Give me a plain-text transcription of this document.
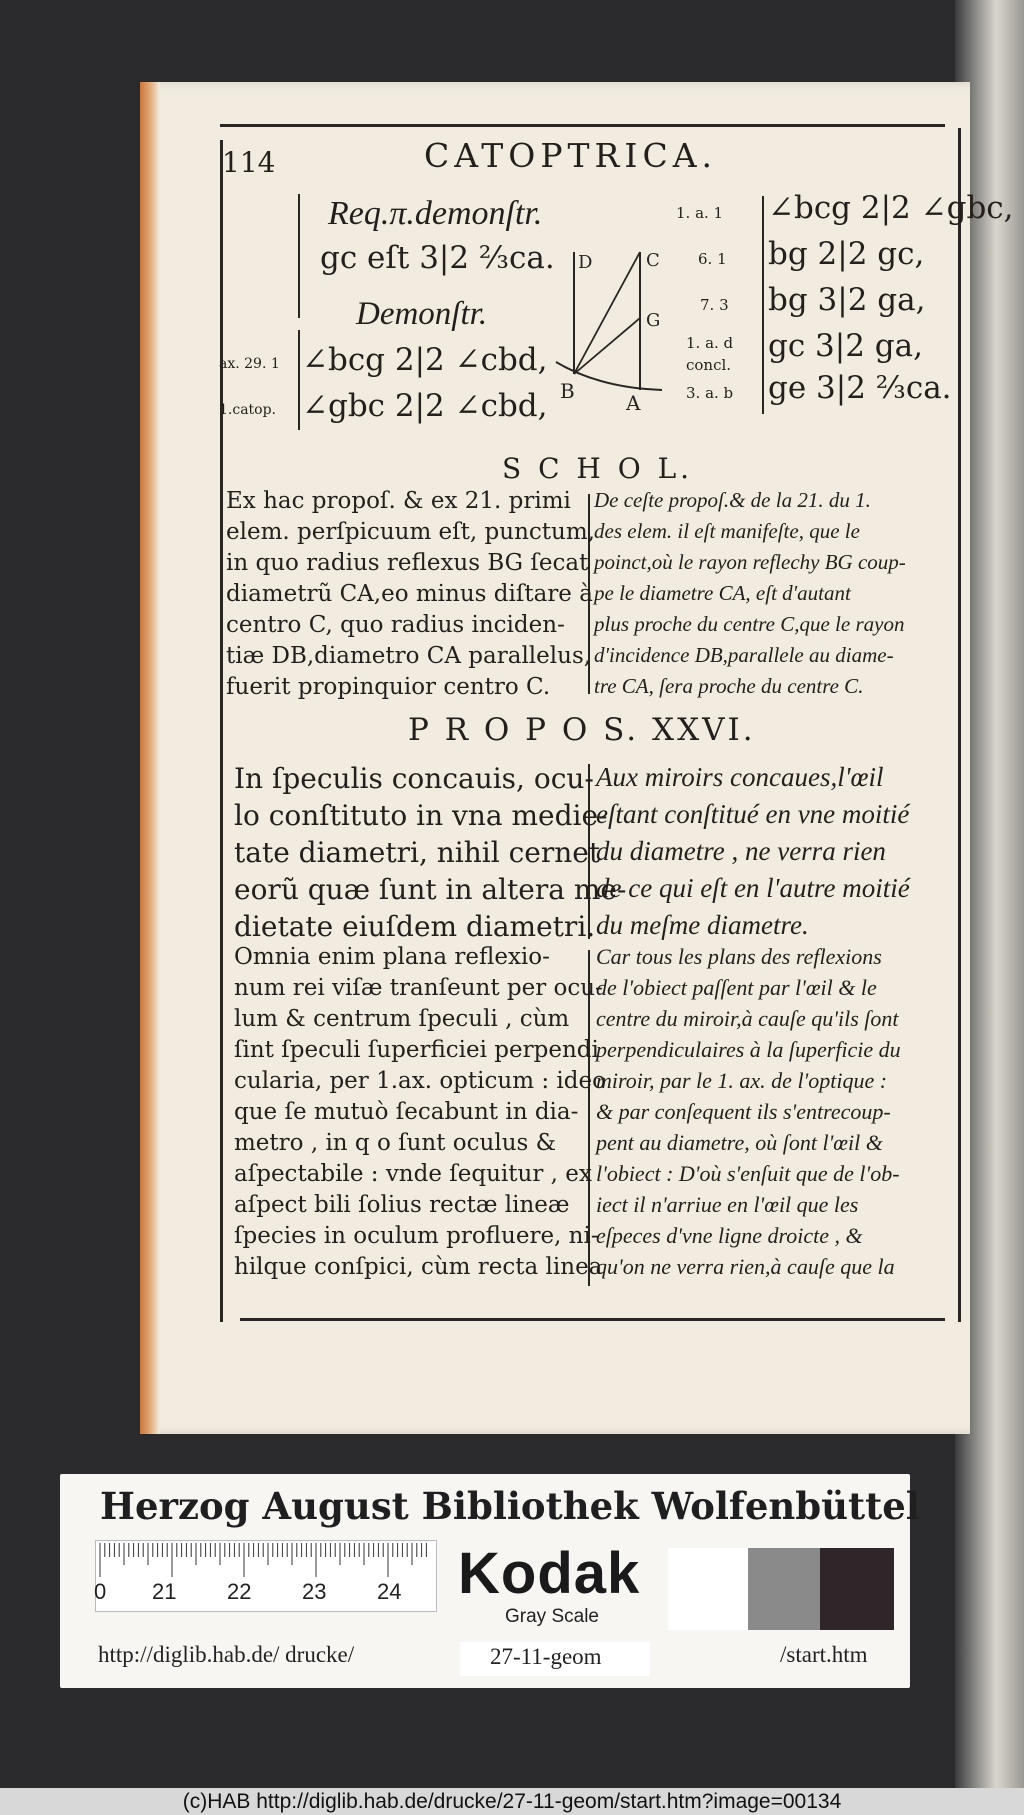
114	CATOPTRICA.
Req.π.demonſtr.
gc eſt 3|2 ⅔ca.
Demonſtr.
ax. 29. 1 ∠bcg 2|2 ∠cbd,
1.catop. ∠gbc 2|2 ∠cbd,
D	C
G
B	A
1. a. 1 ∠bcg 2|2 ∠gbc,
6. 1 bg 2|2 gc,
7. 3 bg 3|2 ga,
1. a. d gc 3|2 ga,
concl.
3. a. b ge 3|2 ⅔ca.
S C H O L.
Ex hac propoſ. & ex 21. primi
elem. perſpicuum eſt, punctum,
in quo radius reflexus BG ſecat
diametrũ CA,eo minus diſtare à
centro C, quo radius inciden-
tiæ DB,diametro CA parallelus,
fuerit propinquior centro C.
De ceſte propoſ.& de la 21. du 1.
des elem. il eſt manifeſte, que le
poinct,où le rayon reflechy BG coup-
pe le diametre CA, eſt d'autant
plus proche du centre C,que le rayon
d'incidence DB,parallele au diame-
tre CA, ſera proche du centre C.
P R O P O S. XXVI.
In ſpeculis concauis, ocu-
lo conſtituto in vna medie-
tate diametri, nihil cernet
eorũ quæ ſunt in altera me-
dietate eiuſdem diametri.
Aux miroirs concaues,l'œil
eſtant conſtitué en vne moitié
du diametre , ne verra rien
de ce qui eſt en l'autre moitié
du meſme diametre.
Omnia enim plana reflexio-
num rei viſæ tranſeunt per ocu-
lum & centrum ſpeculi , cùm
ſint ſpeculi ſuperficiei perpendi
cularia, per 1.ax. opticum : ideo
que ſe mutuò ſecabunt in dia-
metro , in q o ſunt oculus &
aſpectabile : vnde ſequitur , ex
aſpect bili ſolius rectæ lineæ
ſpecies in oculum profluere, ni-
hilque conſpici, cùm recta linea
Car tous les plans des reflexions
de l'obiect paſſent par l'œil & le
centre du miroir,à cauſe qu'ils ſont
perpendiculaires à la ſuperficie du
miroir, par le 1. ax. de l'optique :
& par conſequent ils s'entrecoup-
pent au diametre, où ſont l'œil &
l'obiect : D'où s'enſuit que de l'ob-
iect il n'arriue en l'œil que les
eſpeces d'vne ligne droicte , &
qu'on ne verra rien,à cauſe que la
Herzog August Bibliothek Wolfenbüttel
0 21 22 23 24 Kodak
Gray Scale
http://diglib.hab.de/ drucke/	27-11-geom	/start.htm
(c)HAB http://diglib.hab.de/drucke/27-11-geom/start.htm?image=00134
